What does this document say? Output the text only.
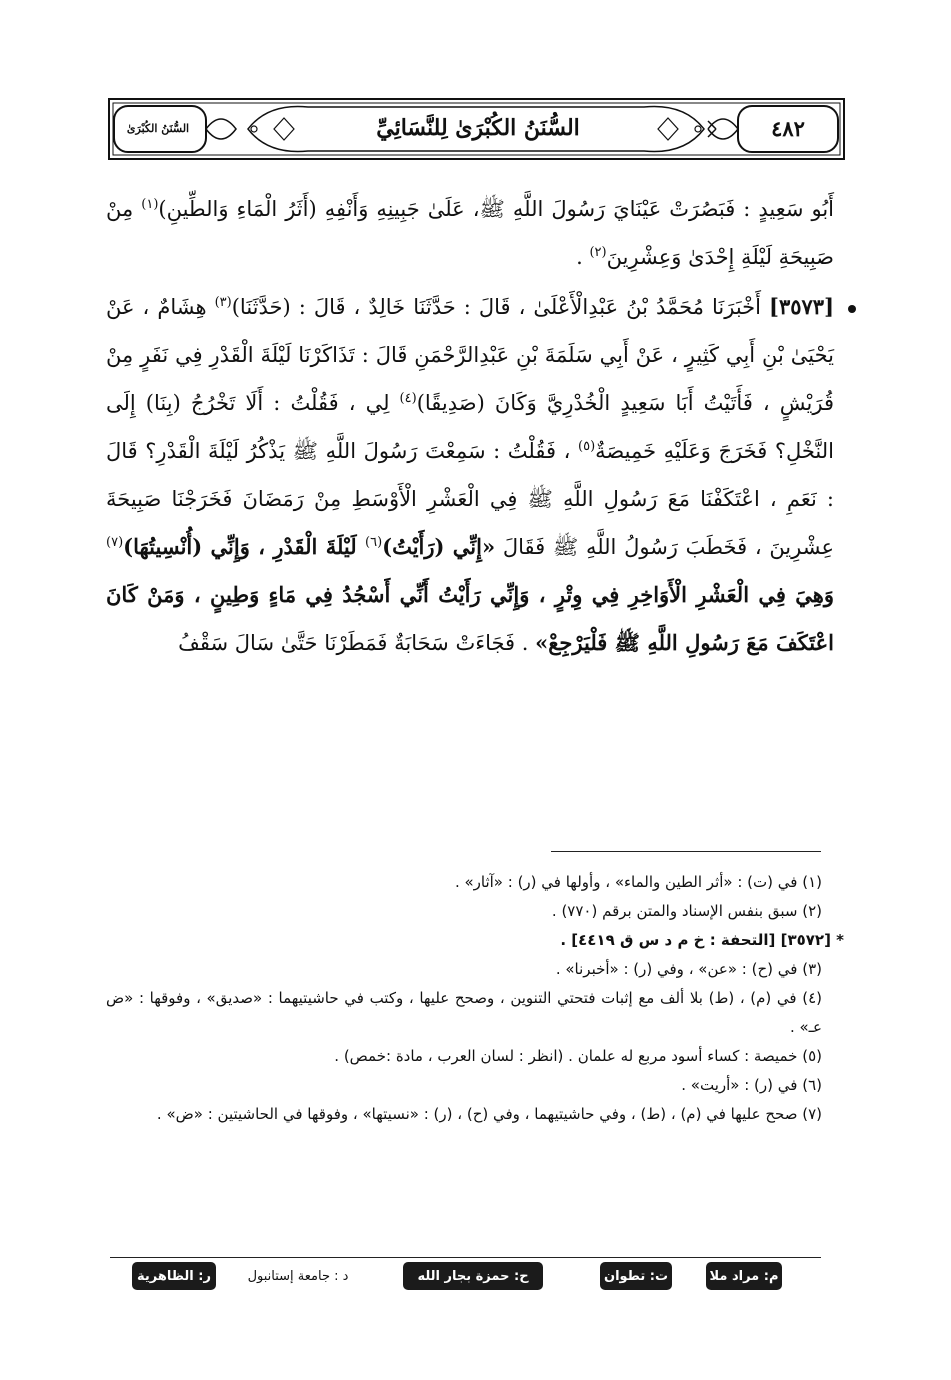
٤٨٢
السُّنَنُ الكُبْرَىٰ لِلنَّسَائِيِّ
السُّنَنُ الكُبْرَىٰ

أَبُو سَعِيدٍ : فَبَصُرَتْ عَيْنَايَ رَسُولَ اللَّهِ ﷺ، عَلَىٰ جَبِينِهِ وَأَنْفِهِ (أَثَرُ الْمَاءِ وَالطِّينِ)$^{(١)}$ مِنْ صَبِيحَةِ لَيْلَةِ إِحْدَىٰ وَعِشْرِينَ$^{(٢)}$ .

[٣٥٧٣] أَخْبَرَنَا مُحَمَّدُ بْنُ عَبْدِالْأَعْلَىٰ ، قَالَ : حَدَّثَنَا خَالِدٌ ، قَالَ : (حَدَّثَنَا)$^{(٣)}$ هِشَامٌ ، عَنْ يَحْيَىٰ بْنِ أَبِي كَثِيرٍ ، عَنْ أَبِي سَلَمَةَ بْنِ عَبْدِالرَّحْمَنِ قَالَ : تَذَاكَرْنَا لَيْلَةَ الْقَدْرِ فِي نَفَرٍ مِنْ قُرَيْشٍ ، فَأَتَيْتُ أَبَا سَعِيدٍ الْخُدْرِيَّ وَكَانَ (صَدِيقًا)$^{(٤)}$ لِي ، فَقُلْتُ : أَلَا تَخْرُجُ (بِنَا) إِلَى النَّخْلِ؟ فَخَرَجَ وَعَلَيْهِ خَمِيصَةٌ$^{(٥)}$ ، فَقُلْتُ : سَمِعْتَ رَسُولَ اللَّهِ ﷺ يَذْكُرُ لَيْلَةَ الْقَدْرِ؟ قَالَ : نَعَمِ ، اعْتَكَفْنَا مَعَ رَسُولِ اللَّهِ ﷺ فِي الْعَشْرِ الْأَوْسَطِ مِنْ رَمَضَانَ فَخَرَجْنَا صَبِيحَةَ عِشْرِينَ ، فَخَطَبَ رَسُولُ اللَّهِ ﷺ فَقَالَ «إِنِّي (رَأَيْتُ)$^{(٦)}$ لَيْلَةَ الْقَدْرِ ، وَإِنِّي (أُنْسِيتُهَا)$^{(٧)}$ وَهِيَ فِي الْعَشْرِ الْأَوَاخِرِ فِي وِتْرٍ ، وَإِنِّي رَأَيْتُ أَنِّي أَسْجُدُ فِي مَاءٍ وَطِينٍ ، وَمَنْ كَانَ اعْتَكَفَ مَعَ رَسُولِ اللَّهِ ﷺ فَلْيَرْجِعْ» . فَجَاءَتْ سَحَابَةٌ فَمَطَرْنَا حَتَّىٰ سَالَ سَقْفُ

(١) في (ت) : «أثر الطين والماء» ، وأولها في (ر) : «آثار» .

(٢) سبق بنفس الإسناد والمتن برقم (٧٧٠) .

* [٣٥٧٢] [التحفة : خ م د س ق ٤٤١٩] .

(٣) في (ح) : «عن» ، وفي (ر) : «أخبرنا» .

(٤) في (م) ، (ط) بلا ألف مع إثبات فتحتي التنوين ، وصحح عليها ، وكتب في حاشيتيهما : «صديق» ، وفوقها : «ض عـ» .

(٥) خميصة : كساء أسود مربع له علمان . (انظر : لسان العرب ، مادة :خمص) .

(٦) في (ر) : «أريت» .

(٧) صحح عليها في (م) ، (ط) ، وفي حاشيتيهما ، وفي (ح) ، (ر) : «نسيتها» ، وفوقها في الحاشيتين : «ض» .

م: مراد ملا
ت: تطوان
ح: حمزة بجار الله
د : جامعة إستانبول
ر: الظاهرية
